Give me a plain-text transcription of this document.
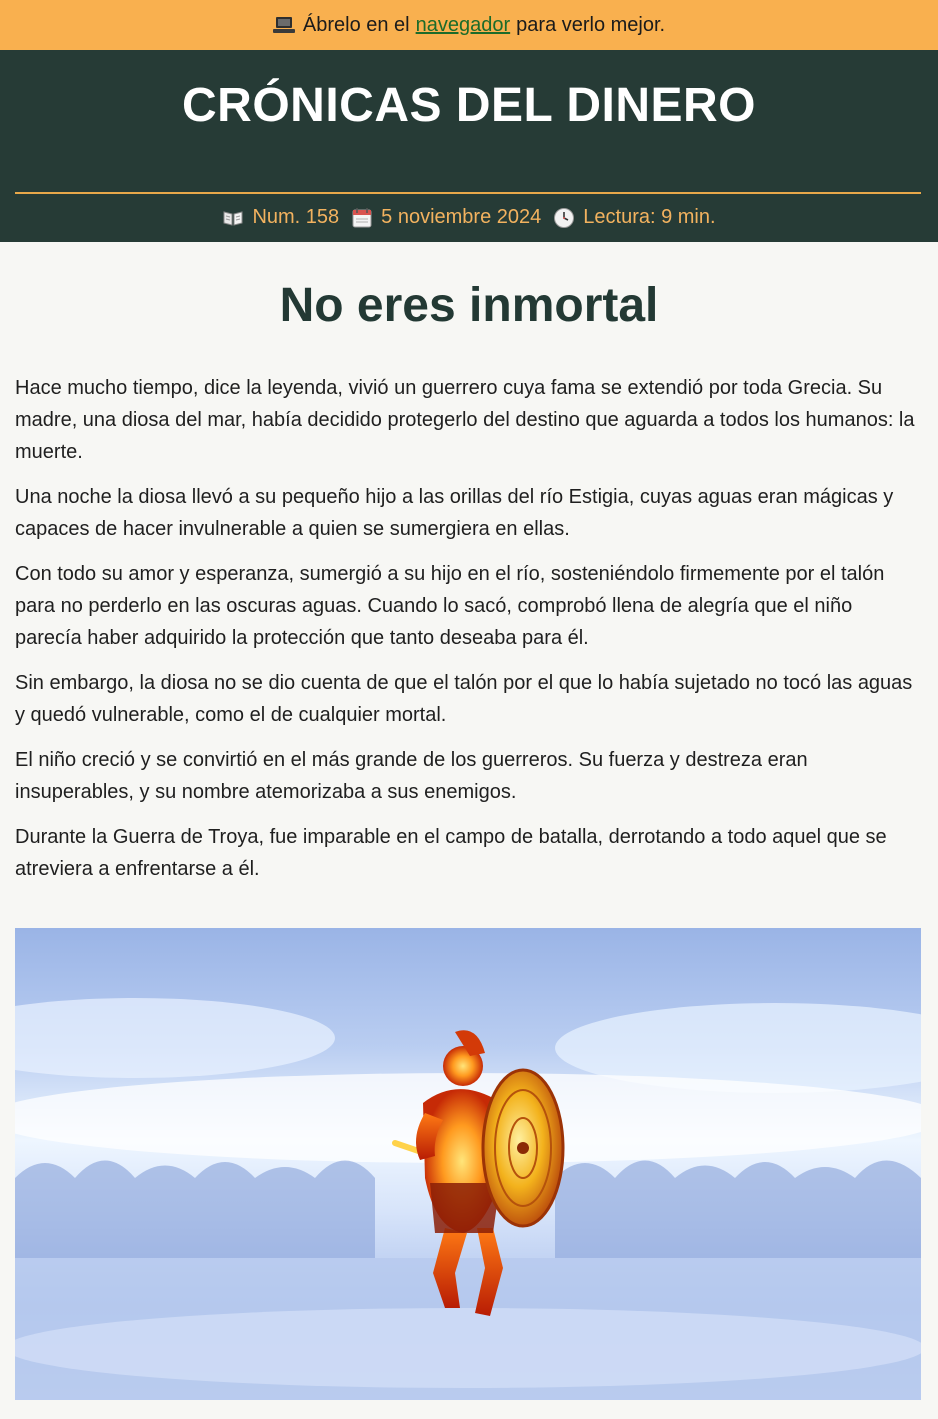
Ábrelo en el navegador para verlo mejor.
CRÓNICAS DEL DINERO
Num. 158 5 noviembre 2024 Lectura: 9 min.
No eres inmortal

Hace mucho tiempo, dice la leyenda, vivió un guerrero cuya fama se extendió por toda Grecia. Su madre, una diosa del mar, había decidido protegerlo del destino que aguarda a todos los humanos: la muerte.

Una noche la diosa llevó a su pequeño hijo a las orillas del río Estigia, cuyas aguas eran mágicas y capaces de hacer invulnerable a quien se sumergiera en ellas.

Con todo su amor y esperanza, sumergió a su hijo en el río, sosteniéndolo firmemente por el talón para no perderlo en las oscuras aguas. Cuando lo sacó, comprobó llena de alegría que el niño parecía haber adquirido la protección que tanto deseaba para él.

Sin embargo, la diosa no se dio cuenta de que el talón por el que lo había sujetado no tocó las aguas y quedó vulnerable, como el de cualquier mortal.

El niño creció y se convirtió en el más grande de los guerreros. Su fuerza y destreza eran insuperables, y su nombre atemorizaba a sus enemigos.

Durante la Guerra de Troya, fue imparable en el campo de batalla, derrotando a todo aquel que se atreviera a enfrentarse a él.
